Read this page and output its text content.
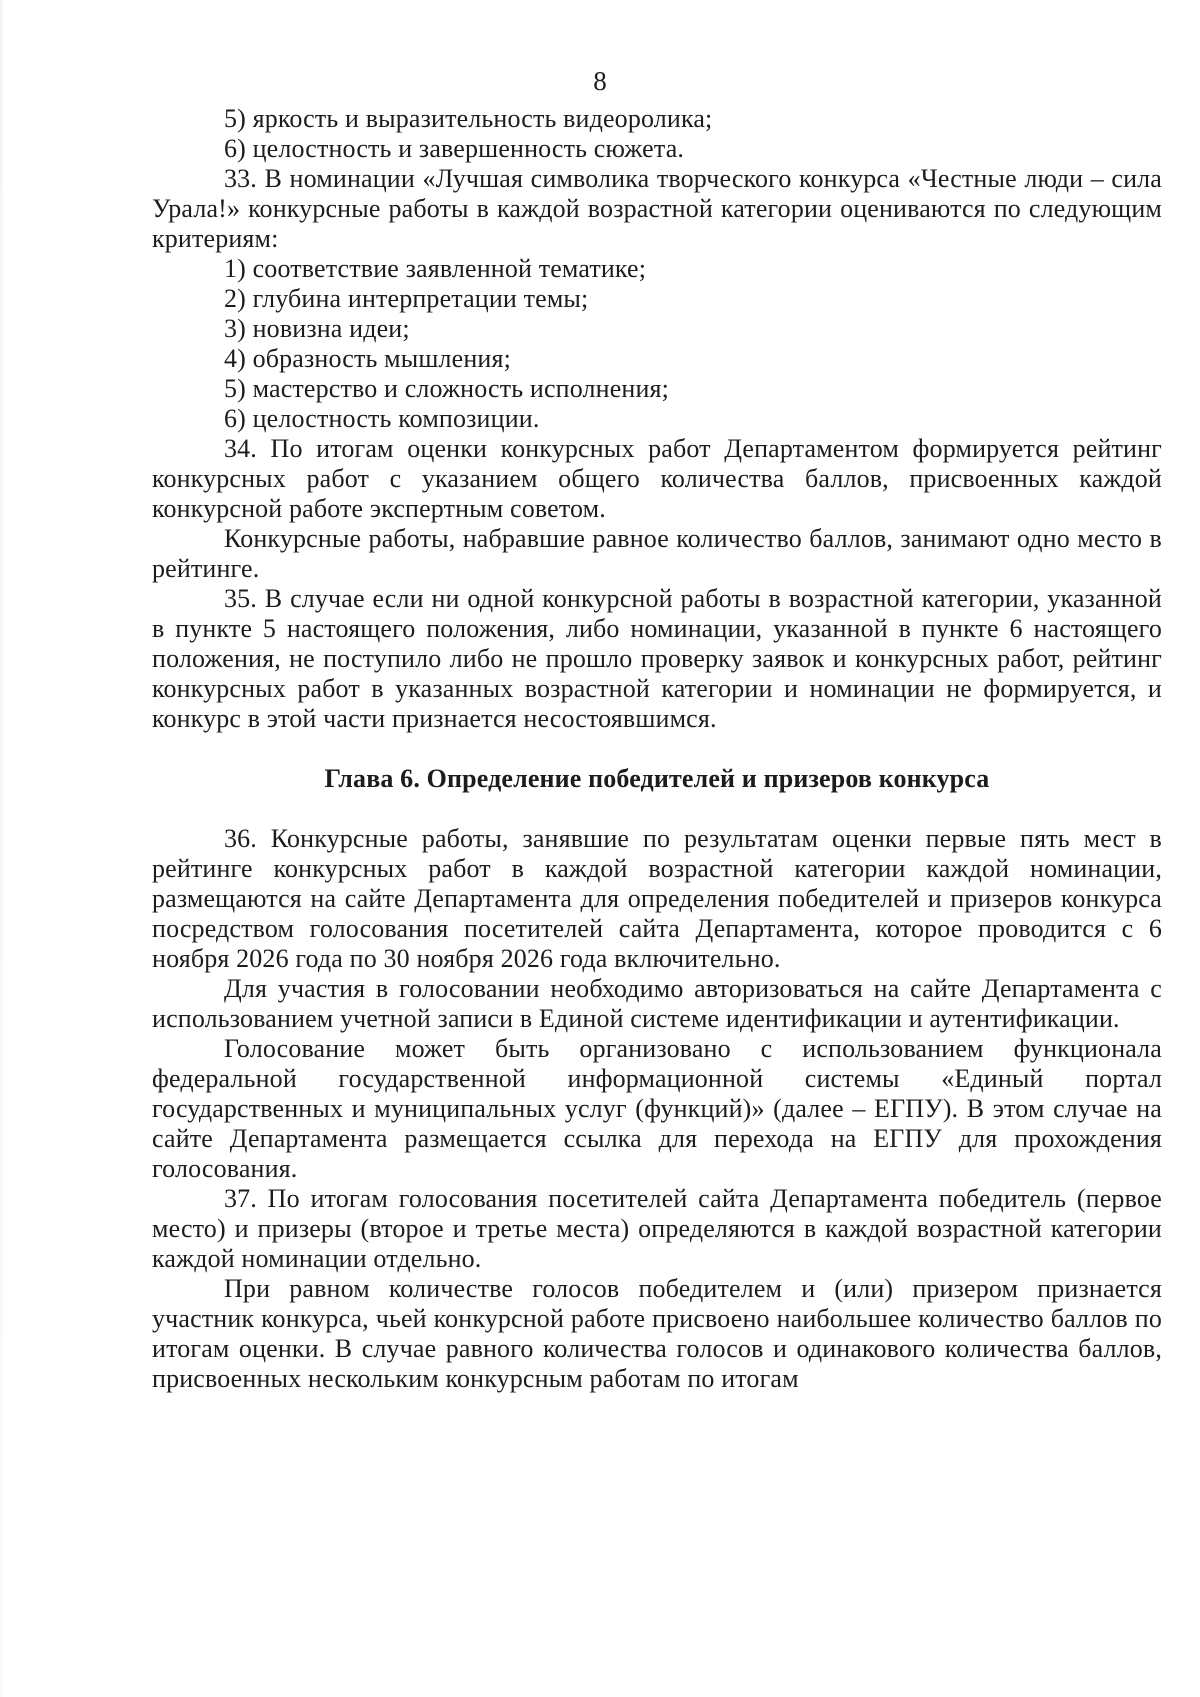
8

5) яркость и выразительность видеоролика;

6) целостность и завершенность сюжета.

33. В номинации «Лучшая символика творческого конкурса «Честные люди – сила Урала!» конкурсные работы в каждой возрастной категории оцениваются по следующим критериям:

1) соответствие заявленной тематике;

2) глубина интерпретации темы;

3) новизна идеи;

4) образность мышления;

5) мастерство и сложность исполнения;

6) целостность композиции.

34. По итогам оценки конкурсных работ Департаментом формируется рейтинг конкурсных работ с указанием общего количества баллов, присвоенных каждой конкурсной работе экспертным советом.

Конкурсные работы, набравшие равное количество баллов, занимают одно место в рейтинге.

35. В случае если ни одной конкурсной работы в возрастной категории, указанной в пункте 5 настоящего положения, либо номинации, указанной в пункте 6 настоящего положения, не поступило либо не прошло проверку заявок и конкурсных работ, рейтинг конкурсных работ в указанных возрастной категории и номинации не формируется, и конкурс в этой части признается несостоявшимся.

Глава 6. Определение победителей и призеров конкурса

36. Конкурсные работы, занявшие по результатам оценки первые пять мест в рейтинге конкурсных работ в каждой возрастной категории каждой номинации, размещаются на сайте Департамента для определения победителей и призеров конкурса посредством голосования посетителей сайта Департамента, которое проводится с 6 ноября 2026 года по 30 ноября 2026 года включительно.

Для участия в голосовании необходимо авторизоваться на сайте Департамента с использованием учетной записи в Единой системе идентификации и аутентификации.

Голосование может быть организовано с использованием функционала федеральной государственной информационной системы «Единый портал государственных и муниципальных услуг (функций)» (далее – ЕГПУ). В этом случае на сайте Департамента размещается ссылка для перехода на ЕГПУ для прохождения голосования.

37. По итогам голосования посетителей сайта Департамента победитель (первое место) и призеры (второе и третье места) определяются в каждой возрастной категории каждой номинации отдельно.

При равном количестве голосов победителем и (или) призером признается участник конкурса, чьей конкурсной работе присвоено наибольшее количество баллов по итогам оценки. В случае равного количества голосов и одинакового количества баллов, присвоенных нескольким конкурсным работам по итогам
